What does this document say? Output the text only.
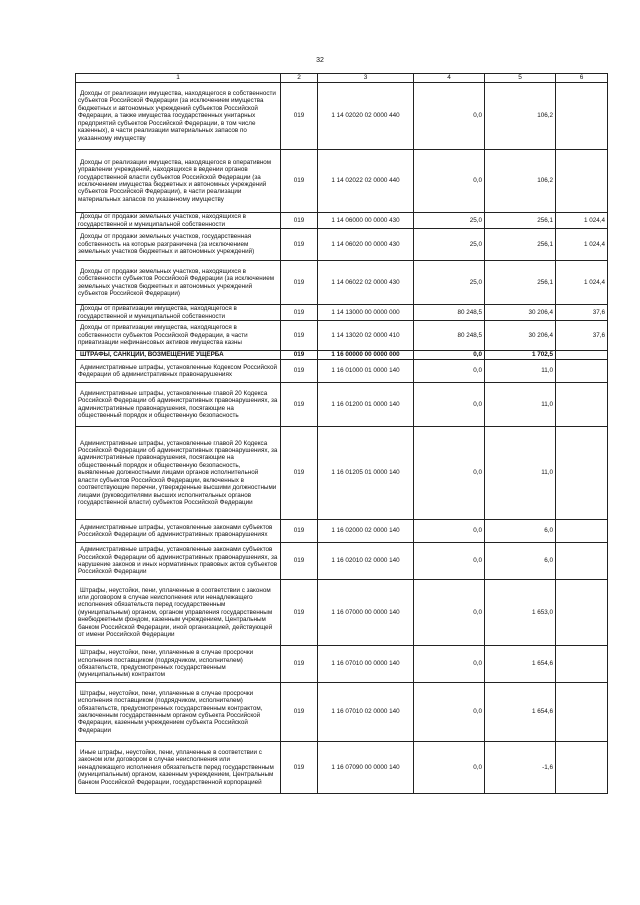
32
1	2	3	4	5	6
Доходы от реализации имущества, находящегося в собственности субъектов Российской Федерации (за исключением имущества бюджетных и автономных учреждений субъектов Российской Федерации, а также имущества государственных унитарных предприятий субъектов Российской Федерации, в том числе казенных), в части реализации материальных запасов по указанному имуществу	019	1 14 02020 02 0000 440	0,0	106,2	
Доходы от реализации имущества, находящегося в оперативном управлении учреждений, находящихся в ведении органов государственной власти субъектов Российской Федерации (за исключением имущества бюджетных и автономных учреждений субъектов Российской Федерации), в части реализации материальных запасов по указанному имуществу	019	1 14 02022 02 0000 440	0,0	106,2	
Доходы от продажи земельных участков, находящихся в государственной и муниципальной собственности	019	1 14 06000 00 0000 430	25,0	256,1	1 024,4
Доходы от продажи земельных участков, государственная собственность на которые разграничена (за исключением земельных участков бюджетных и автономных учреждений)	019	1 14 06020 00 0000 430	25,0	256,1	1 024,4
Доходы от продажи земельных участков, находящихся в собственности субъектов Российской Федерации (за исключением земельных участков бюджетных и автономных учреждений субъектов Российской Федерации)	019	1 14 06022 02 0000 430	25,0	256,1	1 024,4
Доходы от приватизации имущества, находящегося в государственной и муниципальной собственности	019	1 14 13000 00 0000 000	80 248,5	30 206,4	37,6
Доходы от приватизации имущества, находящегося в собственности субъектов Российской Федерации, в части приватизации нефинансовых активов имущества казны	019	1 14 13020 02 0000 410	80 248,5	30 206,4	37,6
ШТРАФЫ, САНКЦИИ, ВОЗМЕЩЕНИЕ УЩЕРБА	019	1 16 00000 00 0000 000	0,0	1 702,5	
Административные штрафы, установленные Кодексом Российской Федерации об административных правонарушениях	019	1 16 01000 01 0000 140	0,0	11,0	
Административные штрафы, установленные главой 20 Кодекса Российской Федерации об административных правонарушениях, за административные правонарушения, посягающие на общественный порядок и общественную безопасность	019	1 16 01200 01 0000 140	0,0	11,0	
Административные штрафы, установленные главой 20 Кодекса Российской Федерации об административных правонарушениях, за административные правонарушения, посягающие на общественный порядок и общественную безопасность, выявленные должностными лицами органов исполнительной власти субъектов Российской Федерации, включенных в соответствующие перечни, утвержденные высшими должностными лицами (руководителями высших исполнительных органов государственной власти) субъектов Российской Федерации	019	1 16 01205 01 0000 140	0,0	11,0	
Административные штрафы, установленные законами субъектов Российской Федерации об административных правонарушениях	019	1 16 02000 02 0000 140	0,0	6,0	
Административные штрафы, установленные законами субъектов Российской Федерации об административных правонарушениях, за нарушение законов и иных нормативных правовых актов субъектов Российской Федерации	019	1 16 02010 02 0000 140	0,0	6,0	
Штрафы, неустойки, пени, уплаченные в соответствии с законом или договором в случае неисполнения или ненадлежащего исполнения обязательств перед государственным (муниципальным) органом, органом управления государственным внебюджетным фондом, казенным учреждением, Центральным банком Российской Федерации, иной организацией, действующей от имени Российской Федерации	019	1 16 07000 00 0000 140	0,0	1 653,0	
Штрафы, неустойки, пени, уплаченные в случае просрочки исполнения поставщиком (подрядчиком, исполнителем) обязательств, предусмотренных государственным (муниципальным) контрактом	019	1 16 07010 00 0000 140	0,0	1 654,6	
Штрафы, неустойки, пени, уплаченные в случае просрочки исполнения поставщиком (подрядчиком, исполнителем) обязательств, предусмотренных государственным контрактом, заключенным государственным органом субъекта Российской Федерации, казенным учреждением субъекта Российской Федерации	019	1 16 07010 02 0000 140	0,0	1 654,6	
Иные штрафы, неустойки, пени, уплаченные в соответствии с законом или договором в случае неисполнения или ненадлежащего исполнения обязательств перед государственным (муниципальным) органом, казенным учреждением, Центральным банком Российской Федерации, государственной корпорацией	019	1 16 07090 00 0000 140	0,0	-1,6	
